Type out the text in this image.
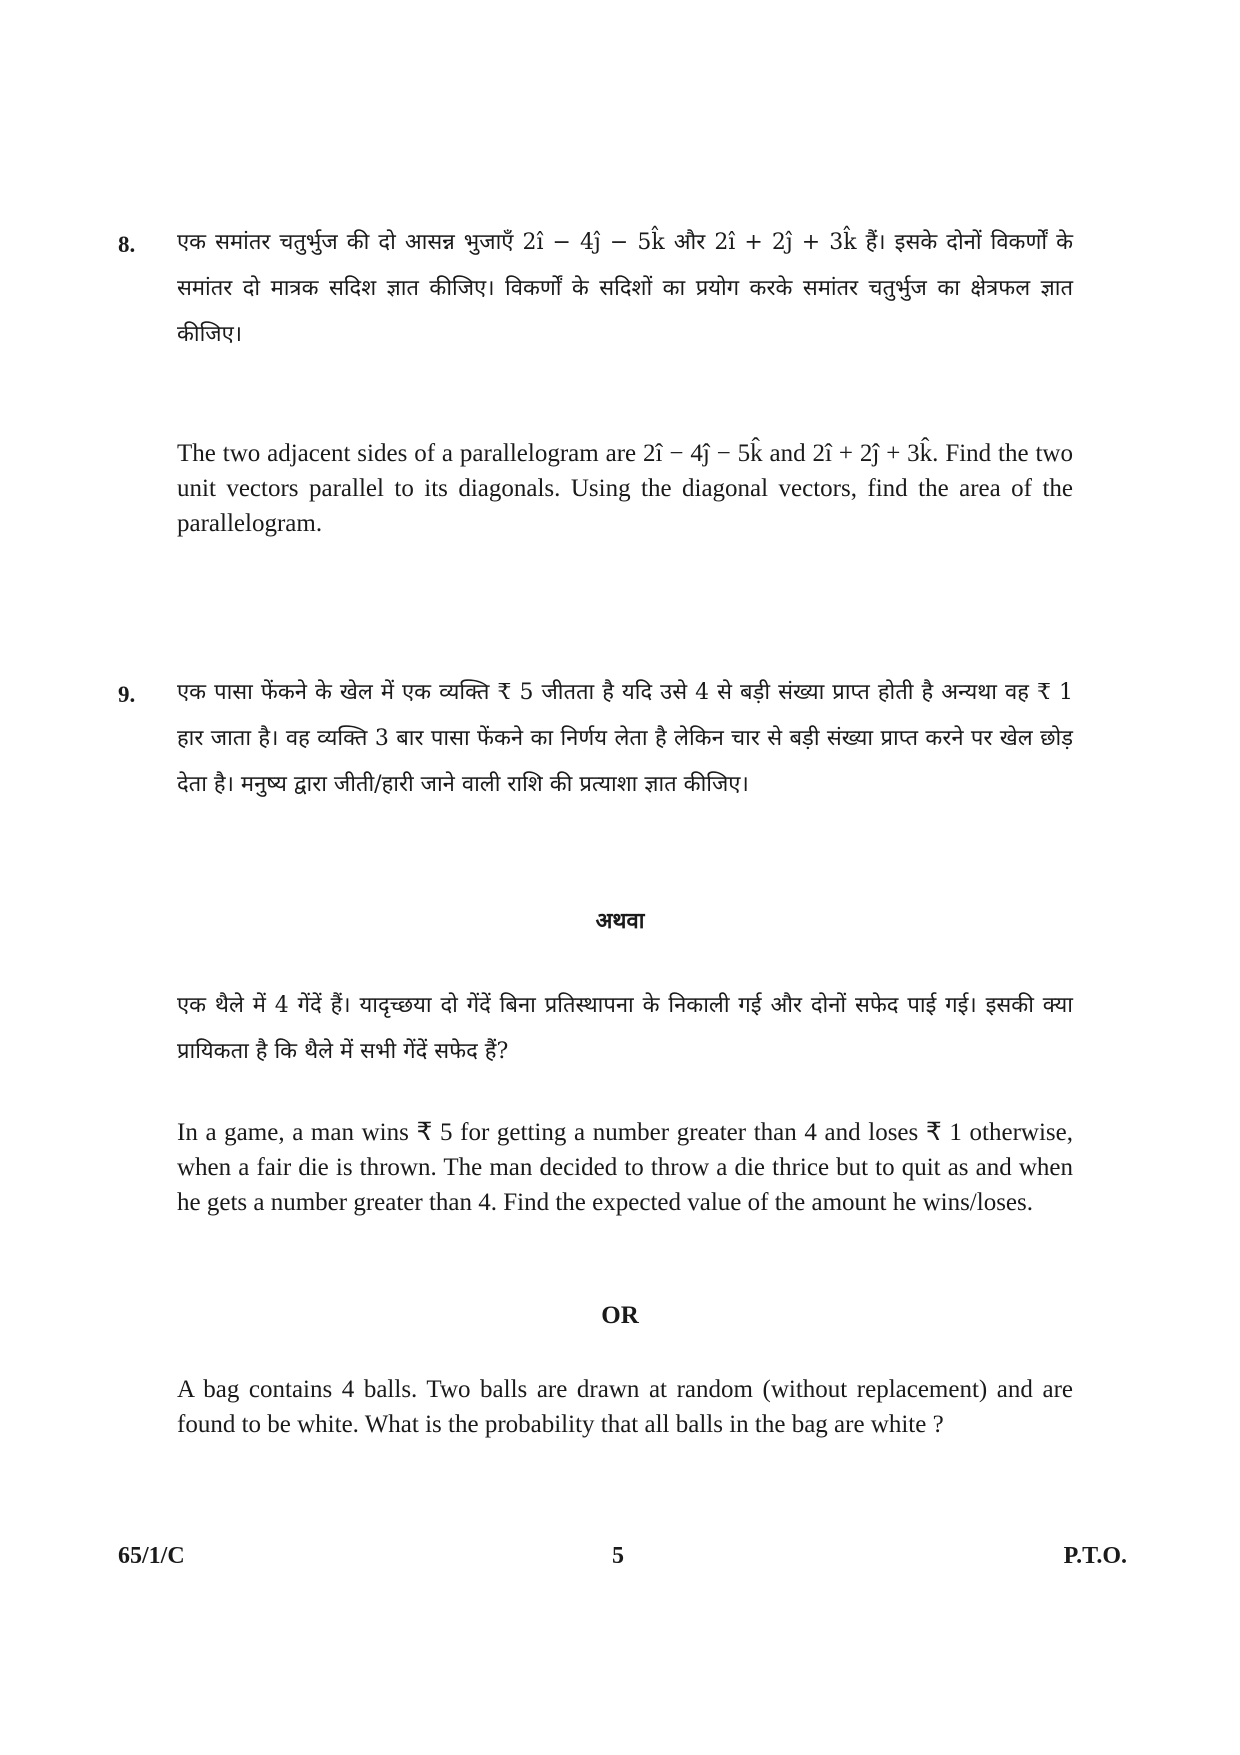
8. एक समांतर चतुर्भुज की दो आसन्न भुजाएँ 2î − 4ĵ − 5k̂ और 2î + 2ĵ + 3k̂ हैं। इसके दोनों विकर्णों के समांतर दो मात्रक सदिश ज्ञात कीजिए। विकर्णों के सदिशों का प्रयोग करके समांतर चतुर्भुज का क्षेत्रफल ज्ञात कीजिए।

The two adjacent sides of a parallelogram are 2î − 4ĵ − 5k̂ and 2î + 2ĵ + 3k̂. Find the two unit vectors parallel to its diagonals. Using the diagonal vectors, find the area of the parallelogram.

9. एक पासा फेंकने के खेल में एक व्यक्ति ₹ 5 जीतता है यदि उसे 4 से बड़ी संख्या प्राप्त होती है अन्यथा वह ₹ 1 हार जाता है। वह व्यक्ति 3 बार पासा फेंकने का निर्णय लेता है लेकिन चार से बड़ी संख्या प्राप्त करने पर खेल छोड़ देता है। मनुष्य द्वारा जीती/हारी जाने वाली राशि की प्रत्याशा ज्ञात कीजिए।

अथवा

एक थैले में 4 गेंदें हैं। यादृच्छया दो गेंदें बिना प्रतिस्थापना के निकाली गई और दोनों सफेद पाई गई। इसकी क्या प्रायिकता है कि थैले में सभी गेंदें सफेद हैं?

In a game, a man wins ₹ 5 for getting a number greater than 4 and loses ₹ 1 otherwise, when a fair die is thrown. The man decided to throw a die thrice but to quit as and when he gets a number greater than 4. Find the expected value of the amount he wins/loses.

OR

A bag contains 4 balls. Two balls are drawn at random (without replacement) and are found to be white. What is the probability that all balls in the bag are white ?

65/1/C	5	P.T.O.
